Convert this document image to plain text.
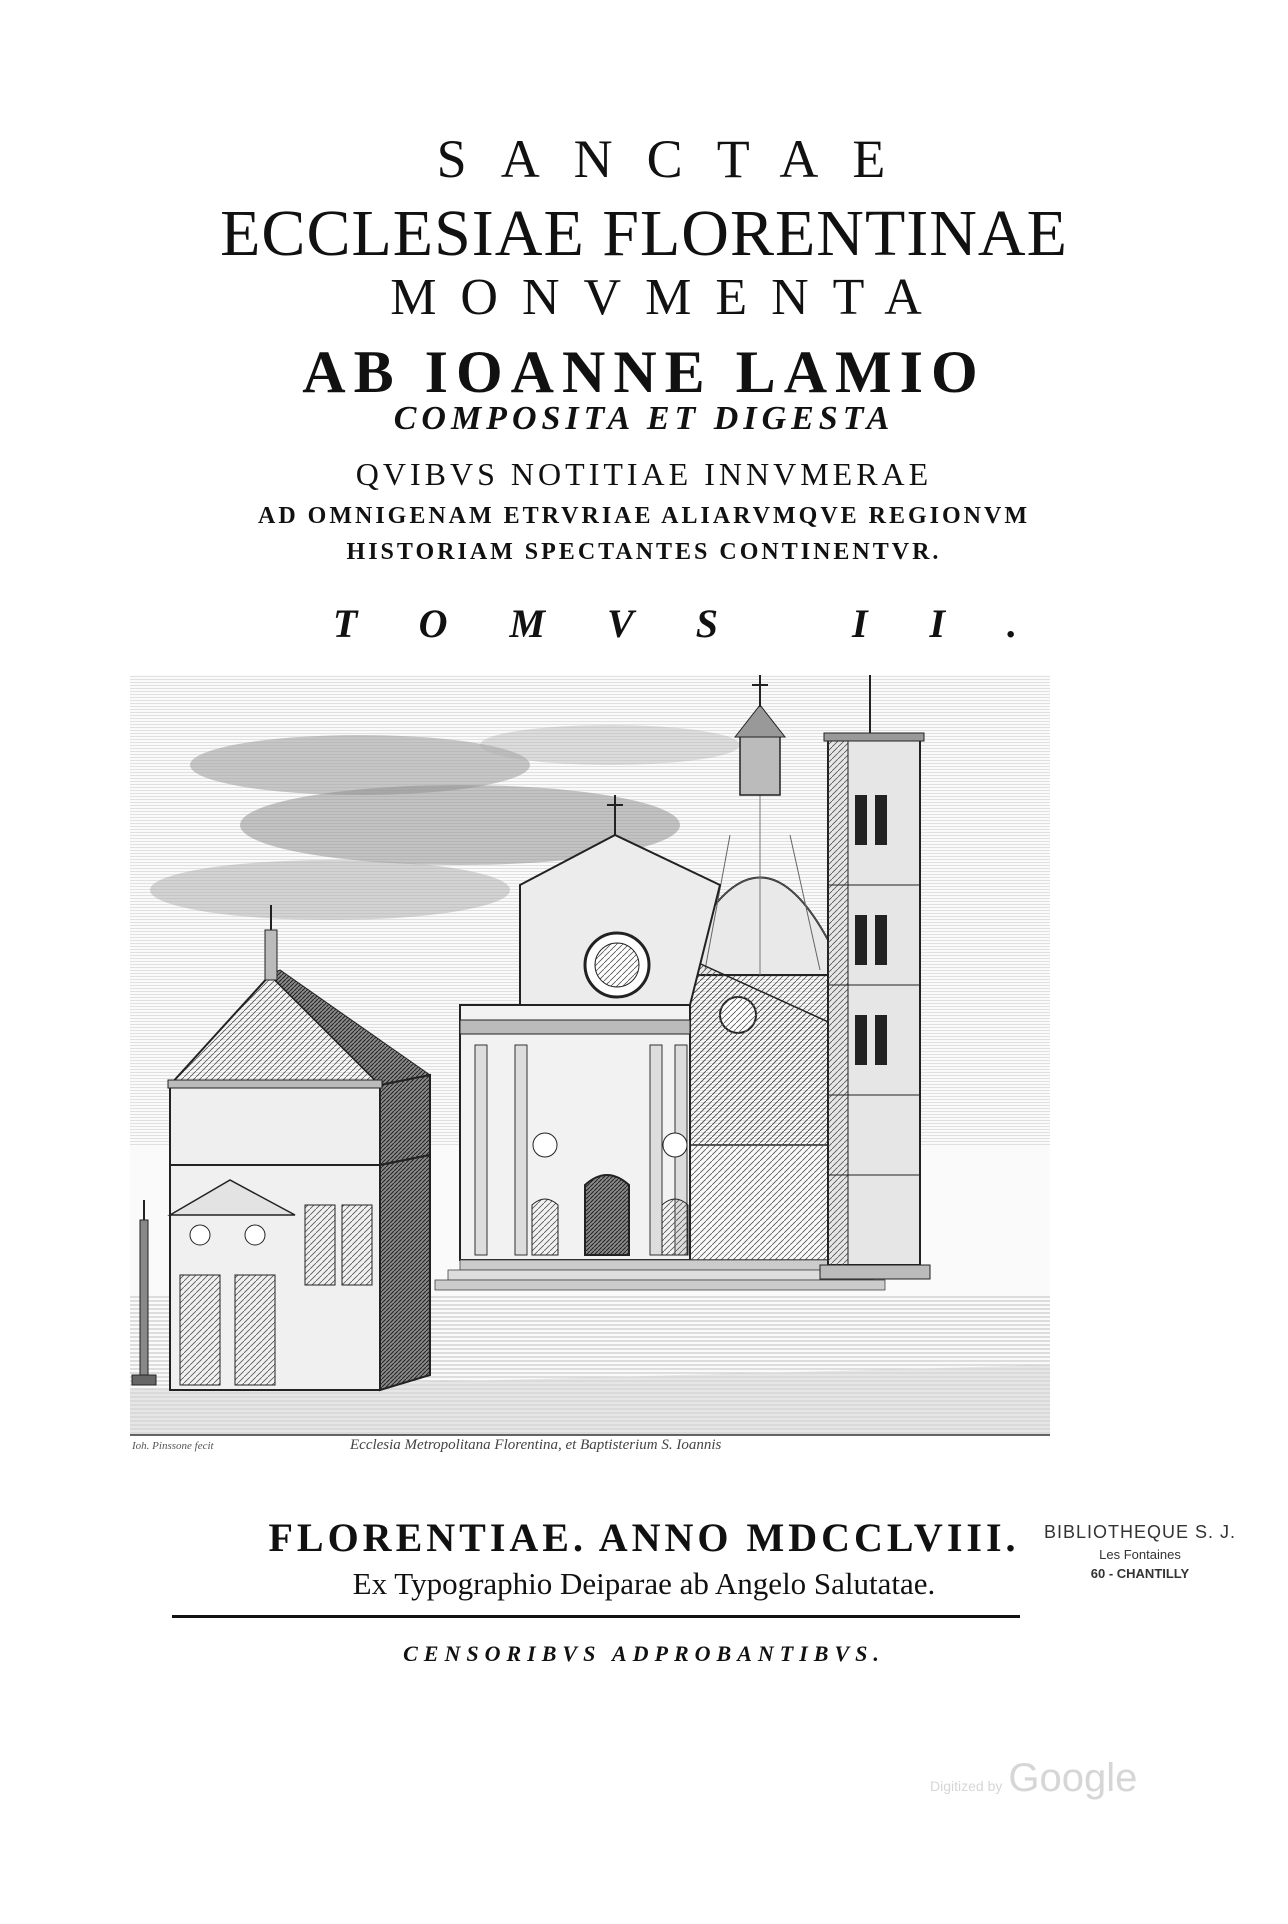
SANCTAE
ECCLESIAE FLORENTINAE
MONVMENTA
AB IOANNE LAMIO
COMPOSITA ET DIGESTA
QVIBVS NOTITIAE INNVMERAE
AD OMNIGENAM ETRVRIAE ALIARVMQVE REGIONVM
HISTORIAM SPECTANTES CONTINENTVR.
TOMVS II.
Ioh. Pinssone fecit	Ecclesia Metropolitana Florentina, et Baptisterium S. Ioannis
FLORENTIAE. ANNO MDCCLVIII.
Ex Typographio Deiparae ab Angelo Salutatae.
CENSORIBVS ADPROBANTIBVS.
BIBLIOTHEQUE S. J.
Les Fontaines
60 - CHANTILLY
Digitized by Google
